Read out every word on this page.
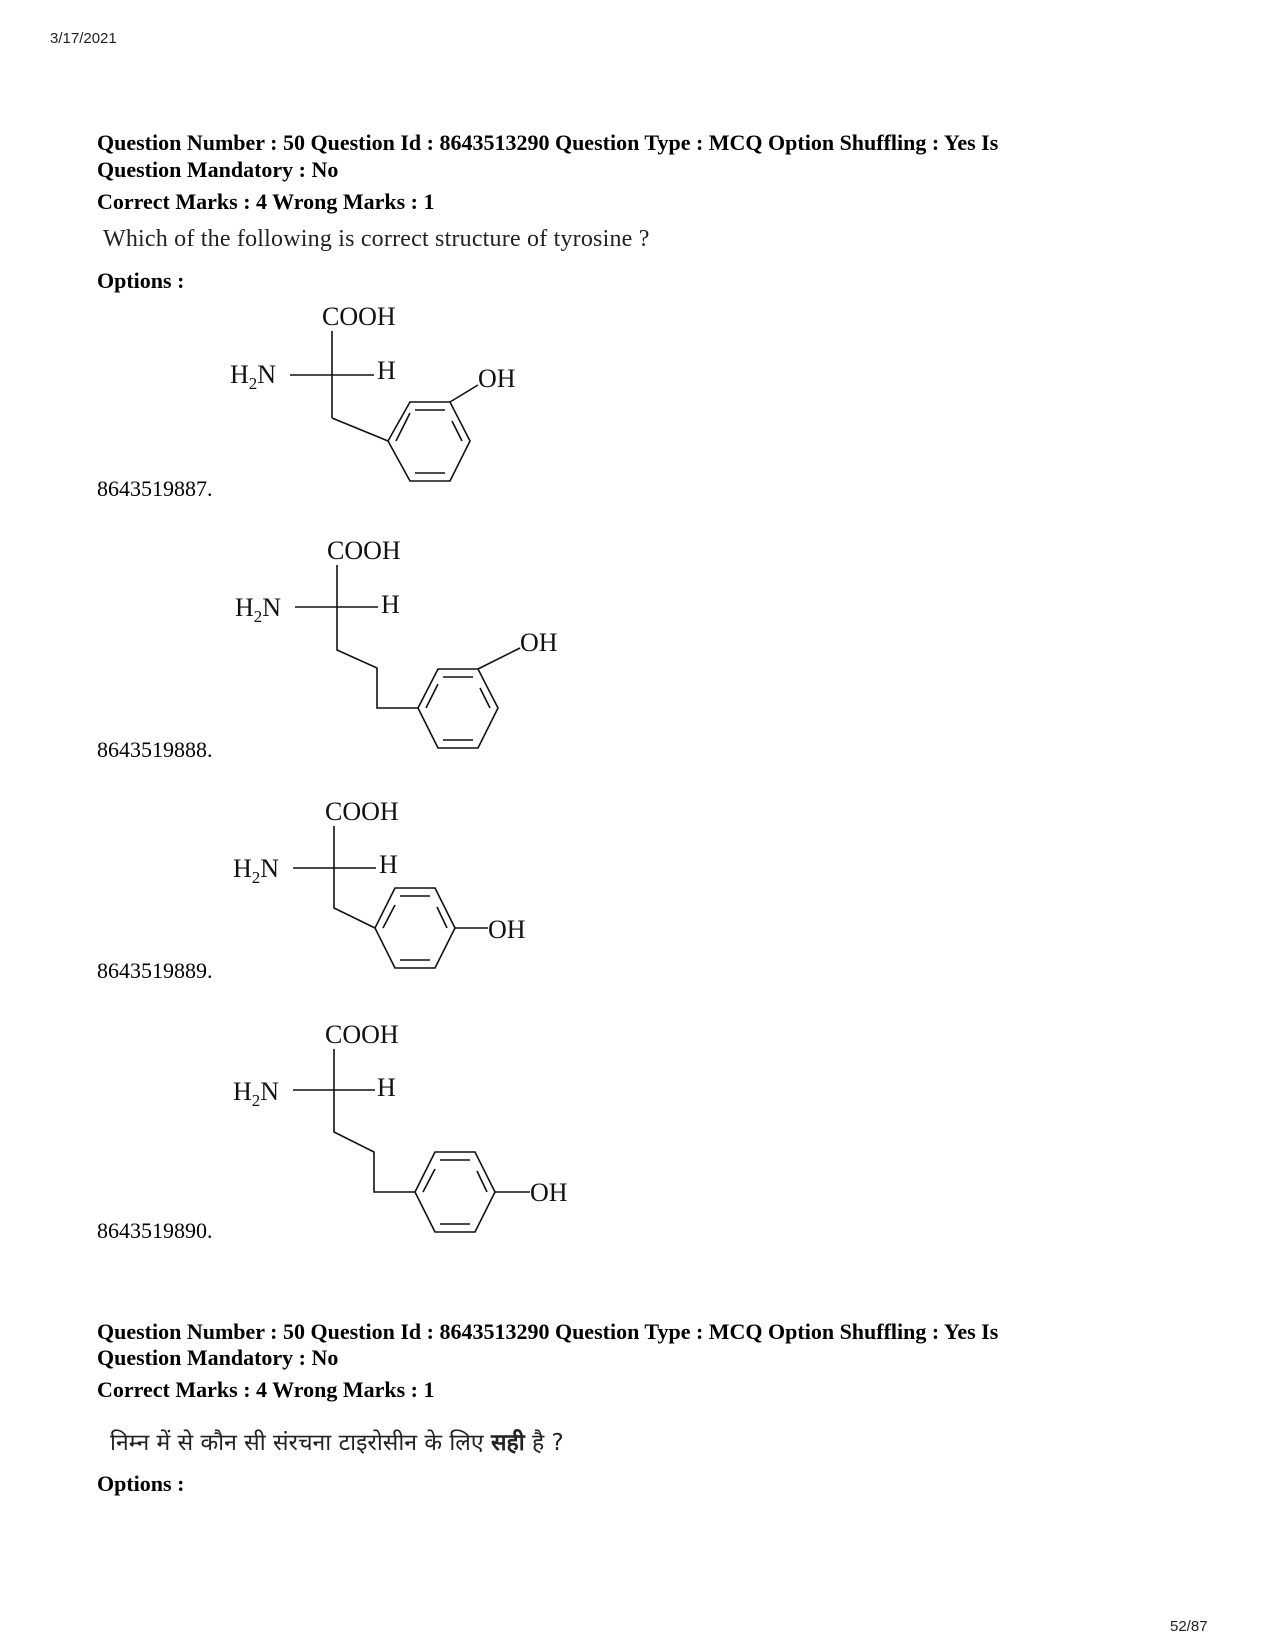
3/17/2021
Question Number : 50 Question Id : 8643513290 Question Type : MCQ Option Shuffling : Yes Is
Question Mandatory : No
Correct Marks : 4 Wrong Marks : 1
Which of the following is correct structure of tyrosine ?
Options :
COOH
$H_2N$	H	OH
8643519887.
COOH
$H_2N$	H
OH
8643519888.
COOH
$H_2N$	H
OH
8643519889.
COOH
$H_2N$	H
OH
8643519890.
Question Number : 50 Question Id : 8643513290 Question Type : MCQ Option Shuffling : Yes Is
Question Mandatory : No
Correct Marks : 4 Wrong Marks : 1
निम्न में से कौन सी संरचना टाइरोसीन के लिए सही है ?
Options :
52/87
